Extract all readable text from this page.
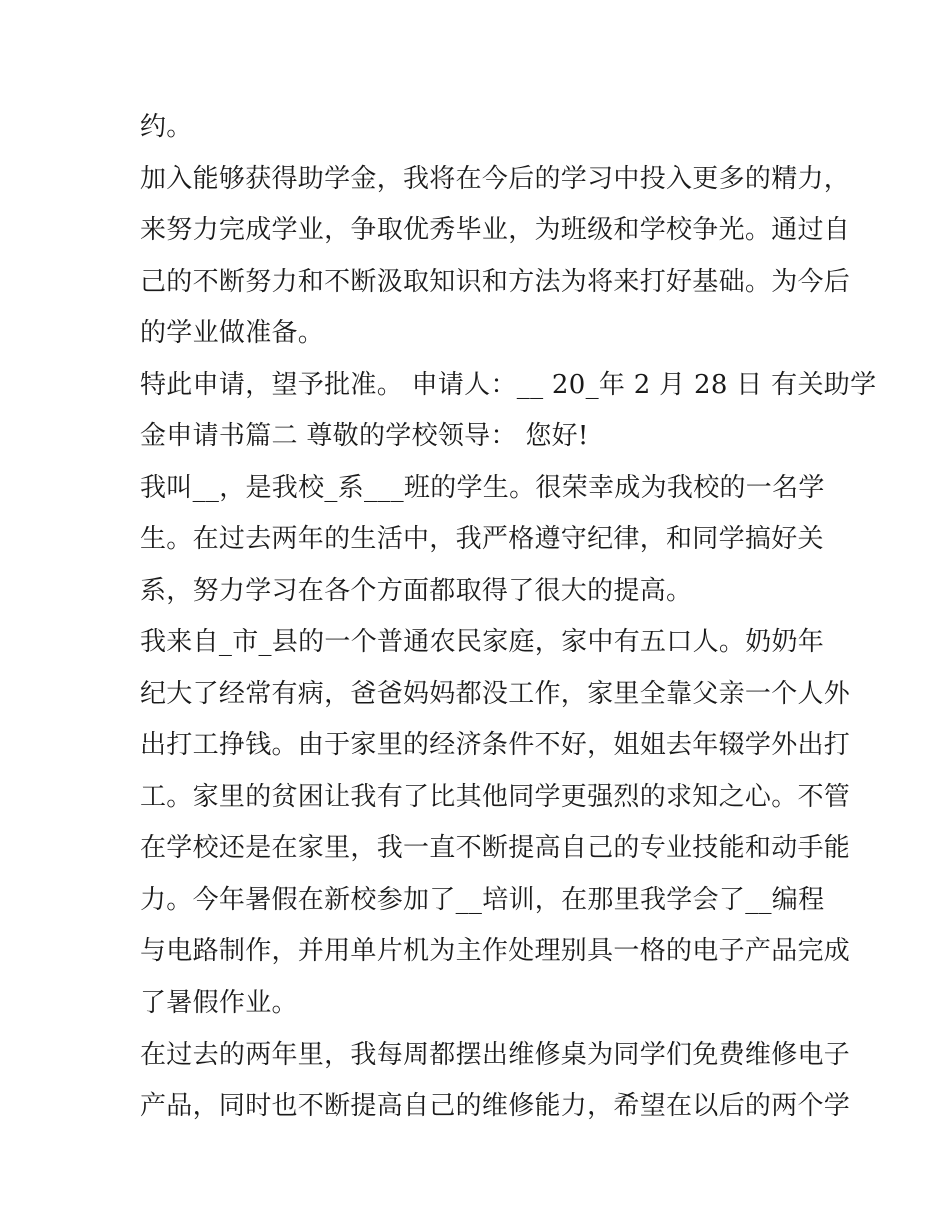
约。
加入能够获得助学金，我将在今后的学习中投入更多的精力，
来努力完成学业，争取优秀毕业，为班级和学校争光。通过自
己的不断努力和不断汲取知识和方法为将来打好基础。为今后
的学业做准备。
特此申请，望予批准。 申请人：__ 20_年 2 月 28 日 有关助学
金申请书篇二 尊敬的学校领导： 您好!
我叫__，是我校_系___班的学生。很荣幸成为我校的一名学
生。在过去两年的生活中，我严格遵守纪律，和同学搞好关
系，努力学习在各个方面都取得了很大的提高。
我来自_市_县的一个普通农民家庭，家中有五口人。奶奶年
纪大了经常有病，爸爸妈妈都没工作，家里全靠父亲一个人外
出打工挣钱。由于家里的经济条件不好，姐姐去年辍学外出打
工。家里的贫困让我有了比其他同学更强烈的求知之心。不管
在学校还是在家里，我一直不断提高自己的专业技能和动手能
力。今年暑假在新校参加了__培训，在那里我学会了__编程
与电路制作，并用单片机为主作处理别具一格的电子产品完成
了暑假作业。
在过去的两年里，我每周都摆出维修桌为同学们免费维修电子
产品，同时也不断提高自己的维修能力，希望在以后的两个学
